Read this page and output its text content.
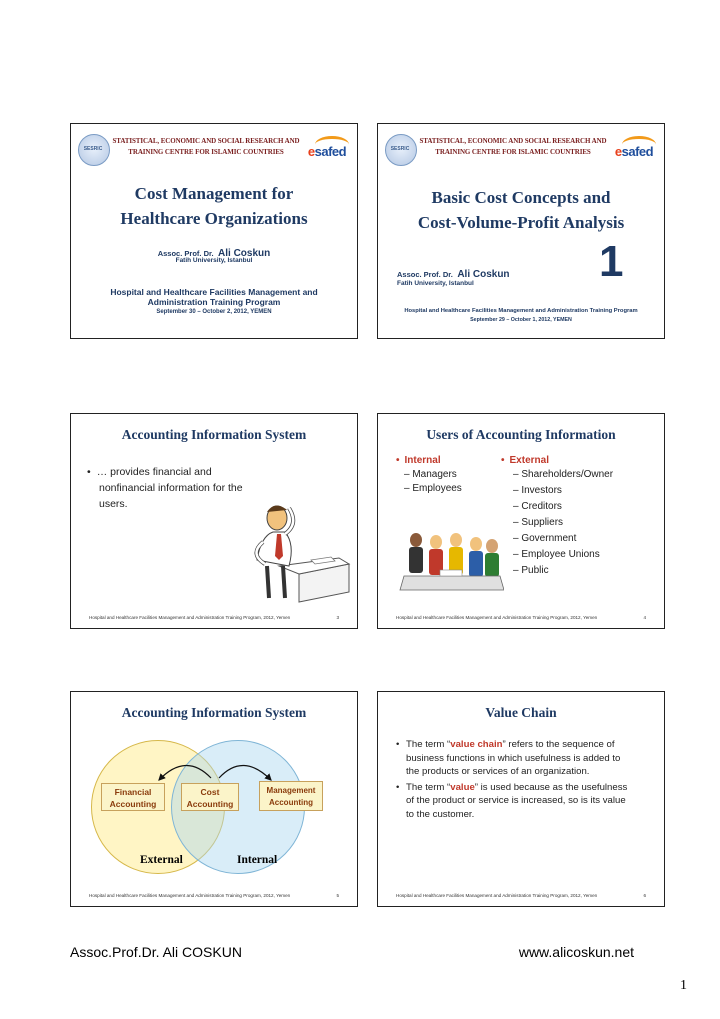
SESRIC
STATISTICAL, ECONOMIC AND SOCIAL RESEARCH AND
TRAINING CENTRE FOR ISLAMIC COUNTRIES	esafed
Cost Management for
Healthcare Organizations
Assoc. Prof. Dr. Ali Coskun
Fatih University, Istanbul
Hospital and Healthcare Facilities Management and
Administration Training Program
September 30 – October 2, 2012, YEMEN
SESRIC
STATISTICAL, ECONOMIC AND SOCIAL RESEARCH AND
TRAINING CENTRE FOR ISLAMIC COUNTRIES	esafed
Basic Cost Concepts and
Cost-Volume-Profit Analysis
1
Assoc. Prof. Dr. Ali Coskun
Fatih University, Istanbul
Hospital and Healthcare Facilities Management and Administration Training Program
September 29 – October 1, 2012, YEMEN
Accounting Information System
• … provides financial and
nonfinancial information for the
users.
Hospital and Healthcare Facilities Management and Administration Training Program, 2012, Yemen	3
Users of Accounting Information
• Internal
– Managers
– Employees
• External
– Shareholders/Owner
– Investors
– Creditors
– Suppliers
– Government
– Employee Unions
– Public
Hospital and Healthcare Facilities Management and Administration Training Program, 2012, Yemen	4
Accounting Information System
Financial
Accounting
Cost
Accounting
Management
Accounting
External	Internal
Hospital and Healthcare Facilities Management and Administration Training Program, 2012, Yemen	5
Value Chain
• The term “value chain” refers to the sequence of business functions in which usefulness is added to the products or services of an organization.
• The term “value” is used because as the usefulness of the product or service is increased, so is its value to the customer.
Hospital and Healthcare Facilities Management and Administration Training Program, 2012, Yemen	6
Assoc.Prof.Dr. Ali COSKUN	www.alicoskun.net
1
